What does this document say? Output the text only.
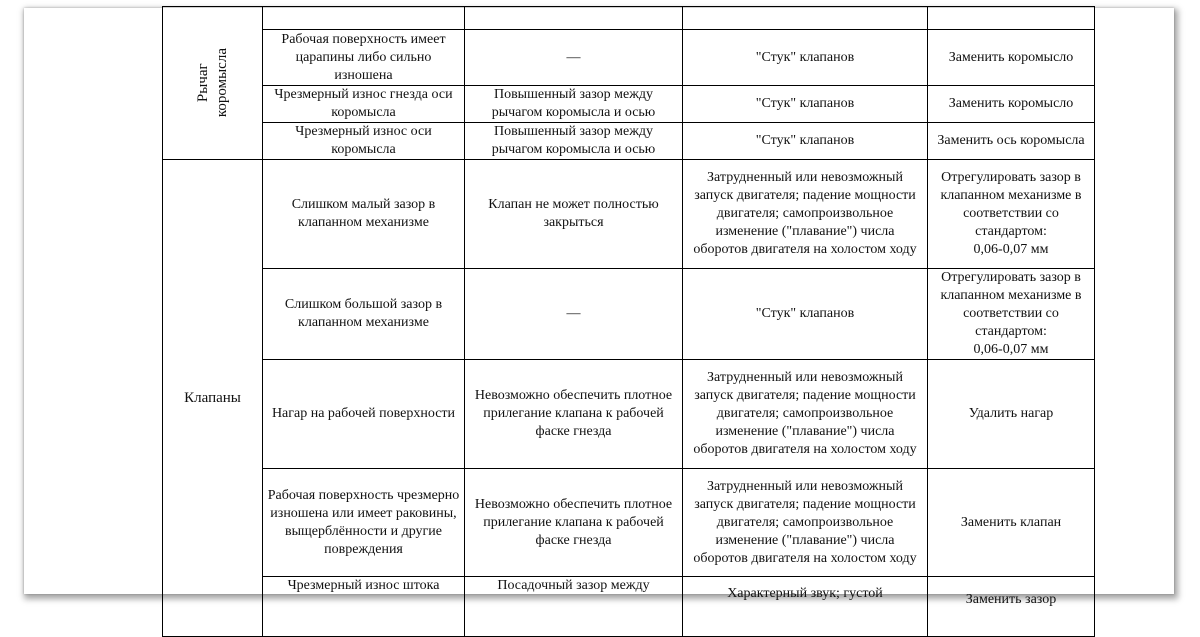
Рычаг
коромысла				

	Рабочая поверхность имеет царапины либо сильно изношена	—	"Стук" клапанов	Заменить коромысло
	Чрезмерный износ гнезда оси коромысла	Повышенный зазор между рычагом коромысла и осью	"Стук" клапанов	Заменить коромысло
	Чрезмерный износ оси коромысла	Повышенный зазор между рычагом коромысла и осью	"Стук" клапанов	Заменить ось коромысла
Клапаны	Слишком малый зазор в клапанном механизме	Клапан не может полностью закрыться	Затрудненный или невозможный запуск двигателя; падение мощности двигателя; самопроизвольное изменение ("плавание") числа оборотов двигателя на холостом ходу	Отрегулировать зазор в клапанном механизме в соответствии со стандартом:
0,06-0,07 мм
	Слишком большой зазор в клапанном механизме	—	"Стук" клапанов	Отрегулировать зазор в клапанном механизме в соответствии со стандартом:
0,06-0,07 мм
	Нагар на рабочей поверхности	Невозможно обеспечить плотное прилегание клапана к рабочей фаске гнезда	Затрудненный или невозможный запуск двигателя; падение мощности двигателя; самопроизвольное изменение ("плавание") числа оборотов двигателя на холостом ходу	Удалить нагар
	Рабочая поверхность чрезмерно изношена или имеет раковины, выщерблённости и другие повреждения	Невозможно обеспечить плотное прилегание клапана к рабочей фаске гнезда	Затрудненный или невозможный запуск двигателя; падение мощности двигателя; самопроизвольное изменение ("плавание") числа оборотов двигателя на холостом ходу	Заменить клапан
	Чрезмерный износ штока	Посадочный зазор между	Характерный звук; густой	Заменить зазор
